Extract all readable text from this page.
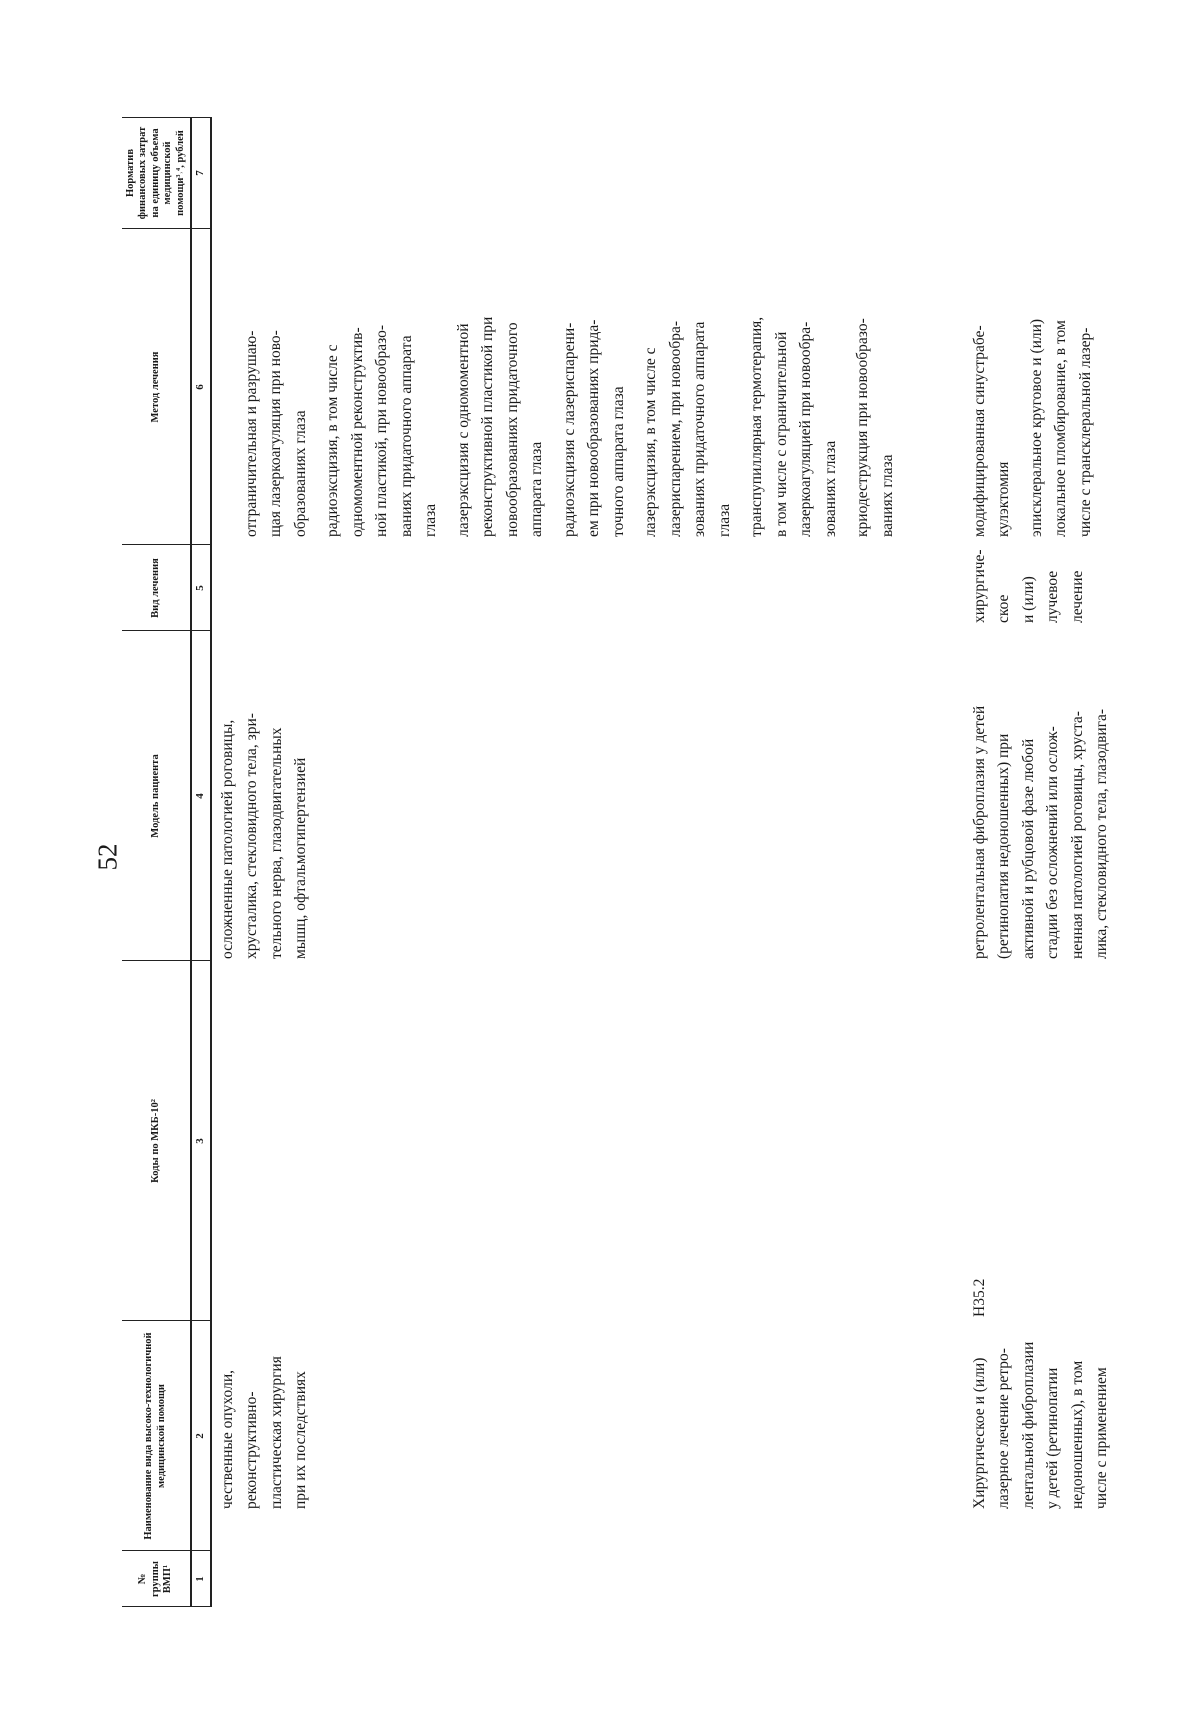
52
№ группы ВМП¹
Наименование вида высоко-технологичной медицинской помощи
Коды по МКБ-10²
Модель пациента
Вид лечения
Метод лечения
Норматив финансовых затрат на единицу объема медицинской помощи³˒⁴, рублей
1
2
3
4
5
6
7
чественные опухоли,
реконструктивно-
пластическая хирургия
при их последствиях
осложненные патологией роговицы,
хрусталика, стекловидного тела, зри-
тельного нерва, глазодвигательных
мышц, офтальмогипертензией
отграничительная и разрушаю-
щая лазеркоагуляция при ново-
образованиях глаза
радиоэксцизия, в том числе с
одномоментной реконструктив-
ной пластикой, при новообразо-
ваниях придаточного аппарата
глаза лазерэксцизия с одномоментной
реконструктивной пластикой при
новообразованиях придаточного
аппарата глаза радиоэксцизия с лазериспарени-
ем при новообразованиях прида-
точного аппарата глаза
лазерэксцизия, в том числе с
лазериспарением, при новообра-
зованиях придаточного аппарата
глаза транспупиллярная термотерапия,
в том числе с ограничительной
лазеркоагуляцией при новообра-
зованиях глаза криодеструкция при новообразо-
ваниях глаза
Хирургическое и (или)
лазерное лечение ретро-
лентальной фиброплазии
у детей (ретинопатии
недоношенных), в том
числе с применением
Н35.2
ретролентальная фиброплазия у детей
(ретинопатия недоношенных) при
активной и рубцовой фазе любой
стадии без осложнений или ослож-
ненная патологией роговицы, хруста-
лика, стекловидного тела, глазодвига-
хирургиче-
ское
и (или)
лучевое
лечение
модифицированная синустрабе-
кулэктомия эписклеральное круговое и (или)
локальное пломбирование, в том
числе с трансклеральной лазер-
